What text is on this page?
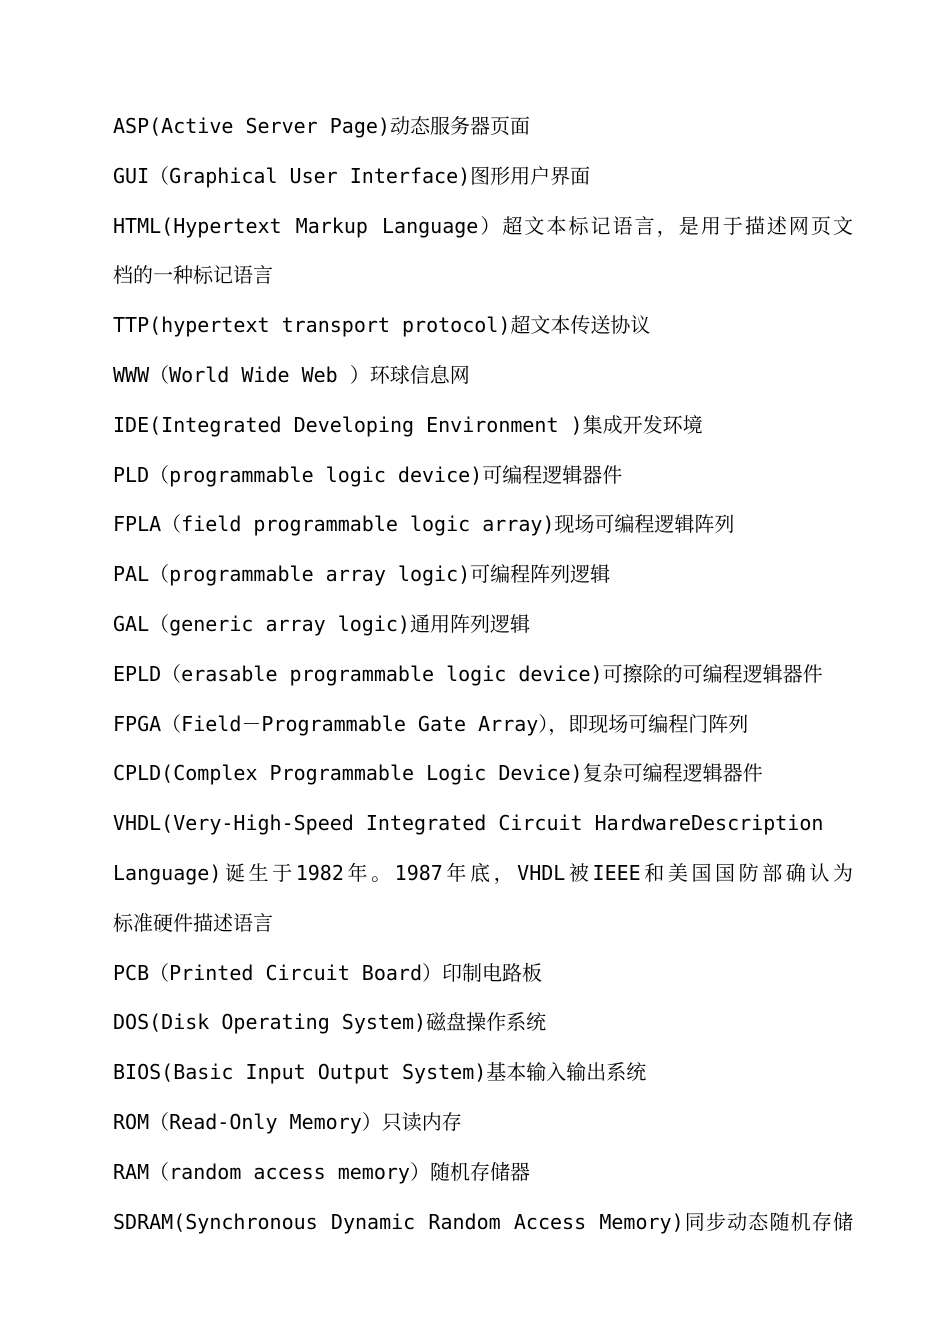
ASP(Active Server Page)动态服务器页面
GUI（Graphical User Interface)图形用户界面
HTML(Hypertext Markup Language）超文本标记语言，是用于描述网页文
档的一种标记语言
TTP(hypertext transport protocol)超文本传送协议
WWW（World Wide Web ）环球信息网
IDE(Integrated Developing Environment )集成开发环境
PLD（programmable logic device)可编程逻辑器件
FPLA（field programmable logic array)现场可编程逻辑阵列
PAL（programmable array logic)可编程阵列逻辑
GAL（generic array logic)通用阵列逻辑
EPLD（erasable programmable logic device)可擦除的可编程逻辑器件
FPGA（Field－Programmable Gate Array），即现场可编程门阵列
CPLD(Complex Programmable Logic Device)复杂可编程逻辑器件
VHDL(Very-High-Speed Integrated Circuit HardwareDescription
Language)诞生于1982年。1987年底，VHDL被IEEE和美国国防部确认为
标准硬件描述语言
PCB（Printed Circuit Board）印制电路板
DOS(Disk Operating System)磁盘操作系统
BIOS(Basic Input Output System)基本输入输出系统
ROM（Read-Only Memory）只读内存
RAM（random access memory）随机存储器
SDRAM(Synchronous Dynamic Random Access Memory)同步动态随机存储
